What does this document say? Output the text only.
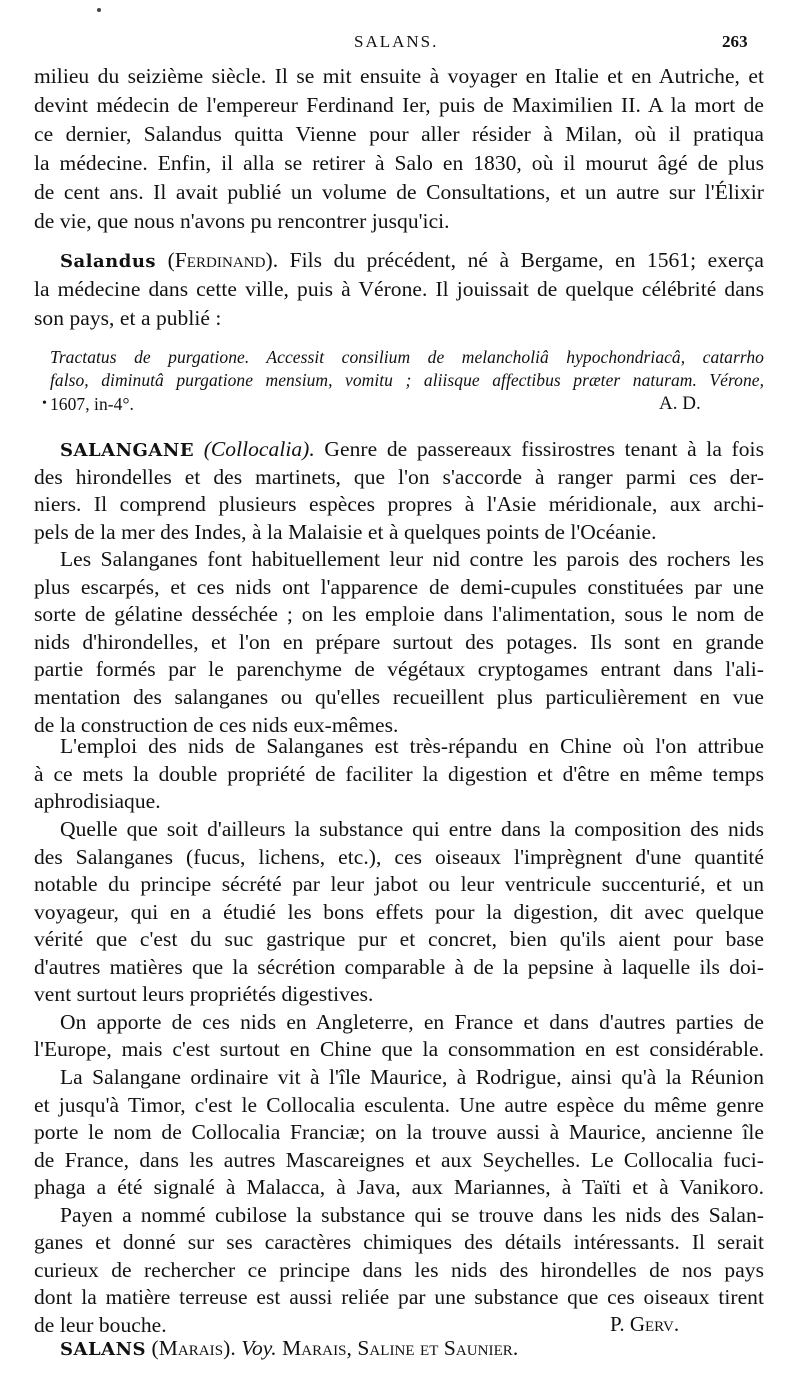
SALANS.	263
milieu du seizième siècle. Il se mit ensuite à voyager en Italie et en Autriche, et
devint médecin de l'empereur Ferdinand Ier, puis de Maximilien II. A la mort de
ce dernier, Salandus quitta Vienne pour aller résider à Milan, où il pratiqua
la médecine. Enfin, il alla se retirer à Salo en 1830, où il mourut âgé de plus
de cent ans. Il avait publié un volume de Consultations, et un autre sur l'Élixir
de vie, que nous n'avons pu rencontrer jusqu'ici.
Salandus (Ferdinand). Fils du précédent, né à Bergame, en 1561; exerça
la médecine dans cette ville, puis à Vérone. Il jouissait de quelque célébrité dans
son pays, et a publié :
Tractatus de purgatione. Accessit consilium de melancholiâ hypochondriacâ, catarrho
falso, diminutâ purgatione mensium, vomitu ; aliisque affectibus præter naturam. Vérone,
1607, in-4°.
•	A. D.
SALANGANE (Collocalia). Genre de passereaux fissirostres tenant à la fois
des hirondelles et des martinets, que l'on s'accorde à ranger parmi ces der-
niers. Il comprend plusieurs espèces propres à l'Asie méridionale, aux archi-
pels de la mer des Indes, à la Malaisie et à quelques points de l'Océanie.
Les Salanganes font habituellement leur nid contre les parois des rochers les
plus escarpés, et ces nids ont l'apparence de demi-cupules constituées par une
sorte de gélatine desséchée ; on les emploie dans l'alimentation, sous le nom de
nids d'hirondelles, et l'on en prépare surtout des potages. Ils sont en grande
partie formés par le parenchyme de végétaux cryptogames entrant dans l'ali-
mentation des salanganes ou qu'elles recueillent plus particulièrement en vue
de la construction de ces nids eux-mêmes.
L'emploi des nids de Salanganes est très-répandu en Chine où l'on attribue
à ce mets la double propriété de faciliter la digestion et d'être en même temps
aphrodisiaque.
Quelle que soit d'ailleurs la substance qui entre dans la composition des nids
des Salanganes (fucus, lichens, etc.), ces oiseaux l'imprègnent d'une quantité
notable du principe sécrété par leur jabot ou leur ventricule succenturié, et un
voyageur, qui en a étudié les bons effets pour la digestion, dit avec quelque
vérité que c'est du suc gastrique pur et concret, bien qu'ils aient pour base
d'autres matières que la sécrétion comparable à de la pepsine à laquelle ils doi-
vent surtout leurs propriétés digestives.
On apporte de ces nids en Angleterre, en France et dans d'autres parties de
l'Europe, mais c'est surtout en Chine que la consommation en est considérable.
La Salangane ordinaire vit à l'île Maurice, à Rodrigue, ainsi qu'à la Réunion
et jusqu'à Timor, c'est le Collocalia esculenta. Une autre espèce du même genre
porte le nom de Collocalia Franciæ; on la trouve aussi à Maurice, ancienne île
de France, dans les autres Mascareignes et aux Seychelles. Le Collocalia fuci-
phaga a été signalé à Malacca, à Java, aux Mariannes, à Taïti et à Vanikoro.
Payen a nommé cubilose la substance qui se trouve dans les nids des Salan-
ganes et donné sur ses caractères chimiques des détails intéressants. Il serait
curieux de rechercher ce principe dans les nids des hirondelles de nos pays
dont la matière terreuse est aussi reliée par une substance que ces oiseaux tirent
de leur bouche.	P. Gerv.
SALANS (Marais). Voy. Marais, Saline et Saunier.
